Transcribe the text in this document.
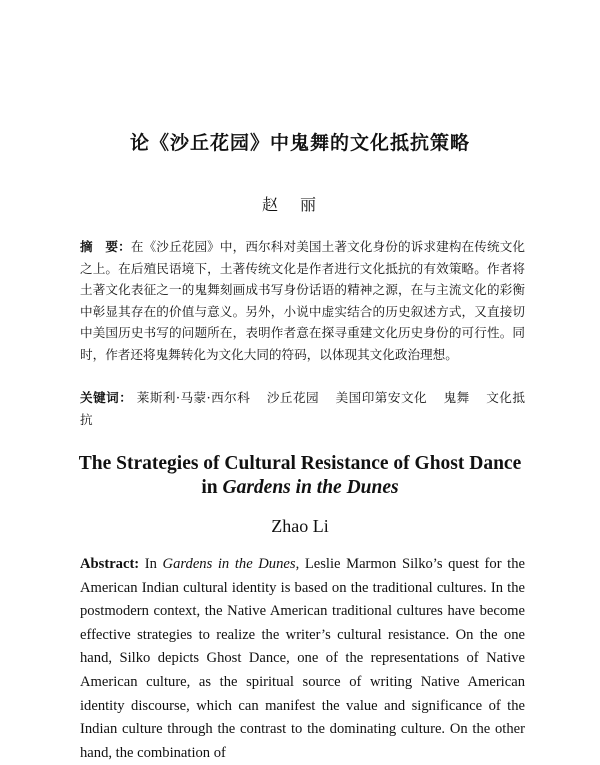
论《沙丘花园》中鬼舞的文化抵抗策略
赵丽
摘　要：在《沙丘花园》中，西尔科对美国土著文化身份的诉求建构在传统文化之上。在后殖民语境下，土著传统文化是作者进行文化抵抗的有效策略。作者将土著文化表征之一的鬼舞刻画成书写身份话语的精神之源，在与主流文化的彩衡中彰显其存在的价值与意义。另外，小说中虚实结合的历史叙述方式，又直接切中美国历史书写的问题所在，表明作者意在探寻重建文化历史身份的可行性。同时，作者还将鬼舞转化为文化大同的符码，以体现其文化政治理想。
关键词： 莱斯利·马蒙·西尔科 沙丘花园 美国印第安文化 鬼舞 文化抵抗
The Strategies of Cultural Resistance of Ghost Dance
in Gardens in the Dunes
Zhao Li
Abstract: In Gardens in the Dunes, Leslie Marmon Silko’s quest for the American Indian cultural identity is based on the traditional cultures. In the postmodern context, the Native American traditional cultures have become effective strategies to realize the writer’s cultural resistance. On the one hand, Silko depicts Ghost Dance, one of the representations of Native American culture, as the spiritual source of writing Native American identity discourse, which can manifest the value and significance of the Indian culture through the contrast to the dominating culture. On the other hand, the combination of
